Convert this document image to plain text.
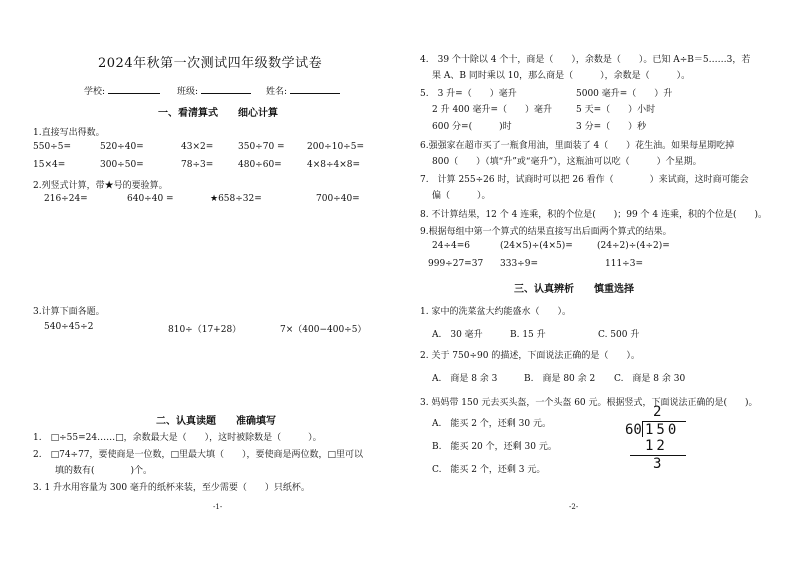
2024年秋第一次测试四年级数学试卷
学校:	班级:	姓名:
一、看清算式　　细心计算
1.直接写出得数。
550÷5=	520÷40=	43×2=	350÷70 = 200÷10÷5=
15×4=	300÷50=	78÷3=	480÷60=	4×8÷4×8=
2.列竖式计算，带★号的要验算。
216÷24=	640÷40 =	★658÷32=	700÷40=
3.计算下面各题。
540÷45÷2	810÷（17+28）	7×（400−400÷5）
二、认真读题　　准确填写
1.　□÷55=24……□，余数最大是（　　），这时被除数是（　　　）。
2.　□74÷77，要使商是一位数，□里最大填（　　），要使商是两位数，□里可以
填的数有(　　　　)个。
3. 1 升水用容量为 300 毫升的纸杯来装，至少需要（　　）只纸杯。
-1-
4.　39 个十除以 4 个十，商是（　　），余数是（　　）。已知 A÷B＝5……3，若
果 A、B 同时乘以 10，那么商是（　　　），余数是（　　　）。
5.　3 升=（　　）毫升	5000 毫升=（　　）升
2 升 400 毫升=（　　）毫升	5 天=（　　）小时
600 分=(　　　)时	3 分=（　　）秒
6.强强家在超市买了一瓶食用油，里面装了 4（　　）花生油。如果每星期吃掉
800（　　）（填“升”或“毫升”），这瓶油可以吃（　　　）个星期。
7.　计算 255÷26 时，试商时可以把 26 看作（　　　　）来试商，这时商可能会
偏（　　　）。
8. 不计算结果，12 个 4 连乘，积的个位是(　　)；99 个 4 连乘，积的个位是(　　)。
9.根据每组中第一个算式的结果直接写出后面两个算式的结果。
24÷4=6	(24×5)÷(4×5)=	(24÷2)÷(4÷2)=
999÷27=37 333÷9=	111÷3=
三、认真辨析　　慎重选择
1. 家中的洗菜盆大约能盛水（　　）。
A.　30 毫升	B. 15 升	C. 500 升
2. 关于 750÷90 的描述，下面说法正确的是（　　）。
A.　商是 8 余 3	B.　商是 80 余 2 C.　商是 8 余 30
3. 妈妈带 150 元去买头盔，一个头盔 60 元。根据竖式，下面说法正确的是(　　)。
A.　能买 2 个，还剩 30 元。
B.　能买 20 个，还剩 30 元。
C.　能买 2 个，还剩 3 元。
2
60 150
12
3
-2-
